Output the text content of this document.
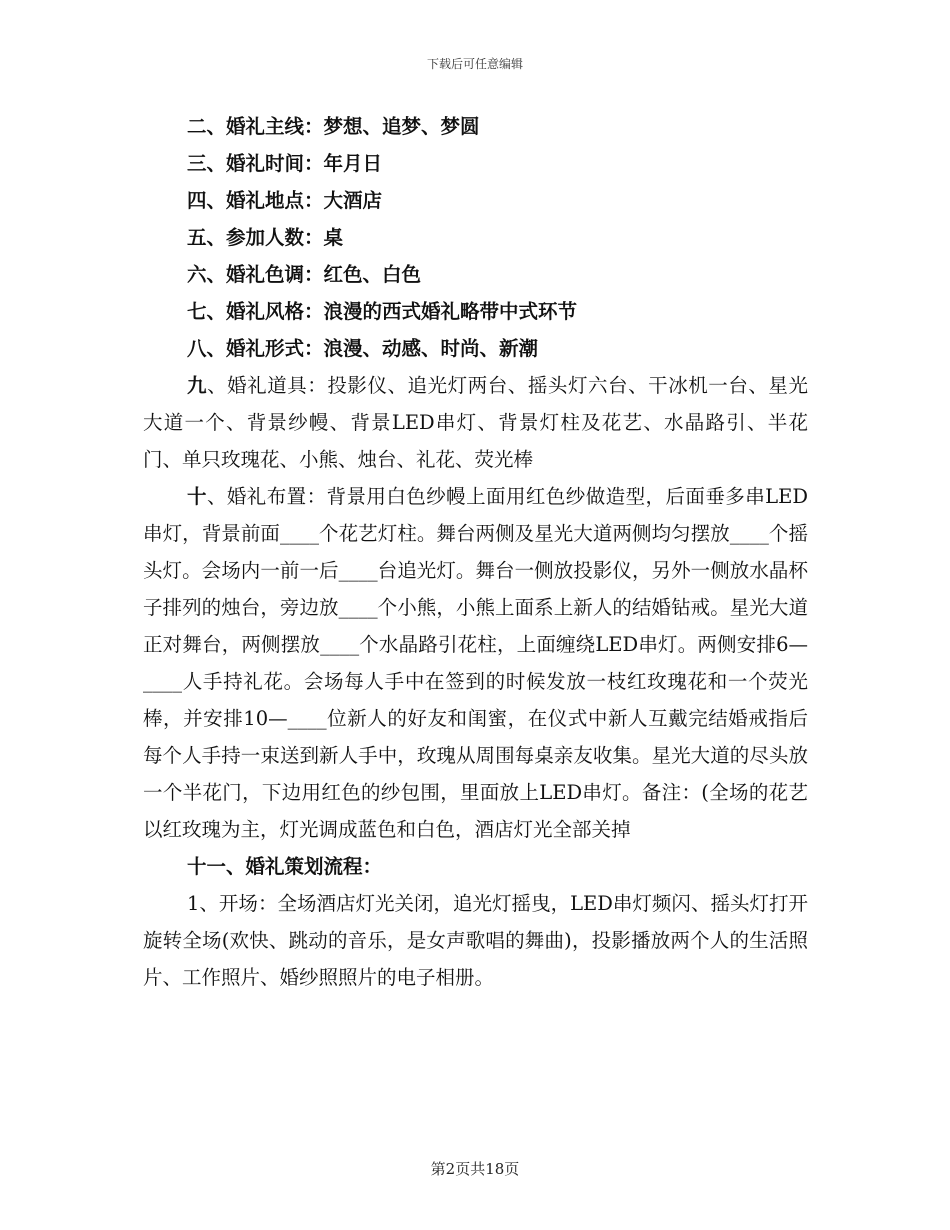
下载后可任意编辑
二、婚礼主线：梦想、追梦、梦圆
三、婚礼时间：年月日
四、婚礼地点：大酒店
五、参加人数：桌
六、婚礼色调：红色、白色
七、婚礼风格：浪漫的西式婚礼略带中式环节
八、婚礼形式：浪漫、动感、时尚、新潮

九、婚礼道具：投影仪、追光灯两台、摇头灯六台、干冰机一台、星光大道一个、背景纱幔、背景LED串灯、背景灯柱及花艺、水晶路引、半花门、单只玫瑰花、小熊、烛台、礼花、荧光棒

十、婚礼布置：背景用白色纱幔上面用红色纱做造型，后面垂多串LED串灯，背景前面____个花艺灯柱。舞台两侧及星光大道两侧均匀摆放____个摇头灯。会场内一前一后____台追光灯。舞台一侧放投影仪，另外一侧放水晶杯子排列的烛台，旁边放____个小熊，小熊上面系上新人的结婚钻戒。星光大道正对舞台，两侧摆放____个水晶路引花柱，上面缠绕LED串灯。两侧安排6—____人手持礼花。会场每人手中在签到的时候发放一枝红玫瑰花和一个荧光棒，并安排10—____位新人的好友和闺蜜，在仪式中新人互戴完结婚戒指后每个人手持一束送到新人手中，玫瑰从周围每桌亲友收集。星光大道的尽头放一个半花门，下边用红色的纱包围，里面放上LED串灯。备注：(全场的花艺以红玫瑰为主，灯光调成蓝色和白色，酒店灯光全部关掉

十一、婚礼策划流程：

1、开场：全场酒店灯光关闭，追光灯摇曳，LED串灯频闪、摇头灯打开旋转全场(欢快、跳动的音乐，是女声歌唱的舞曲)，投影播放两个人的生活照片、工作照片、婚纱照照片的电子相册。

第2页共18页
